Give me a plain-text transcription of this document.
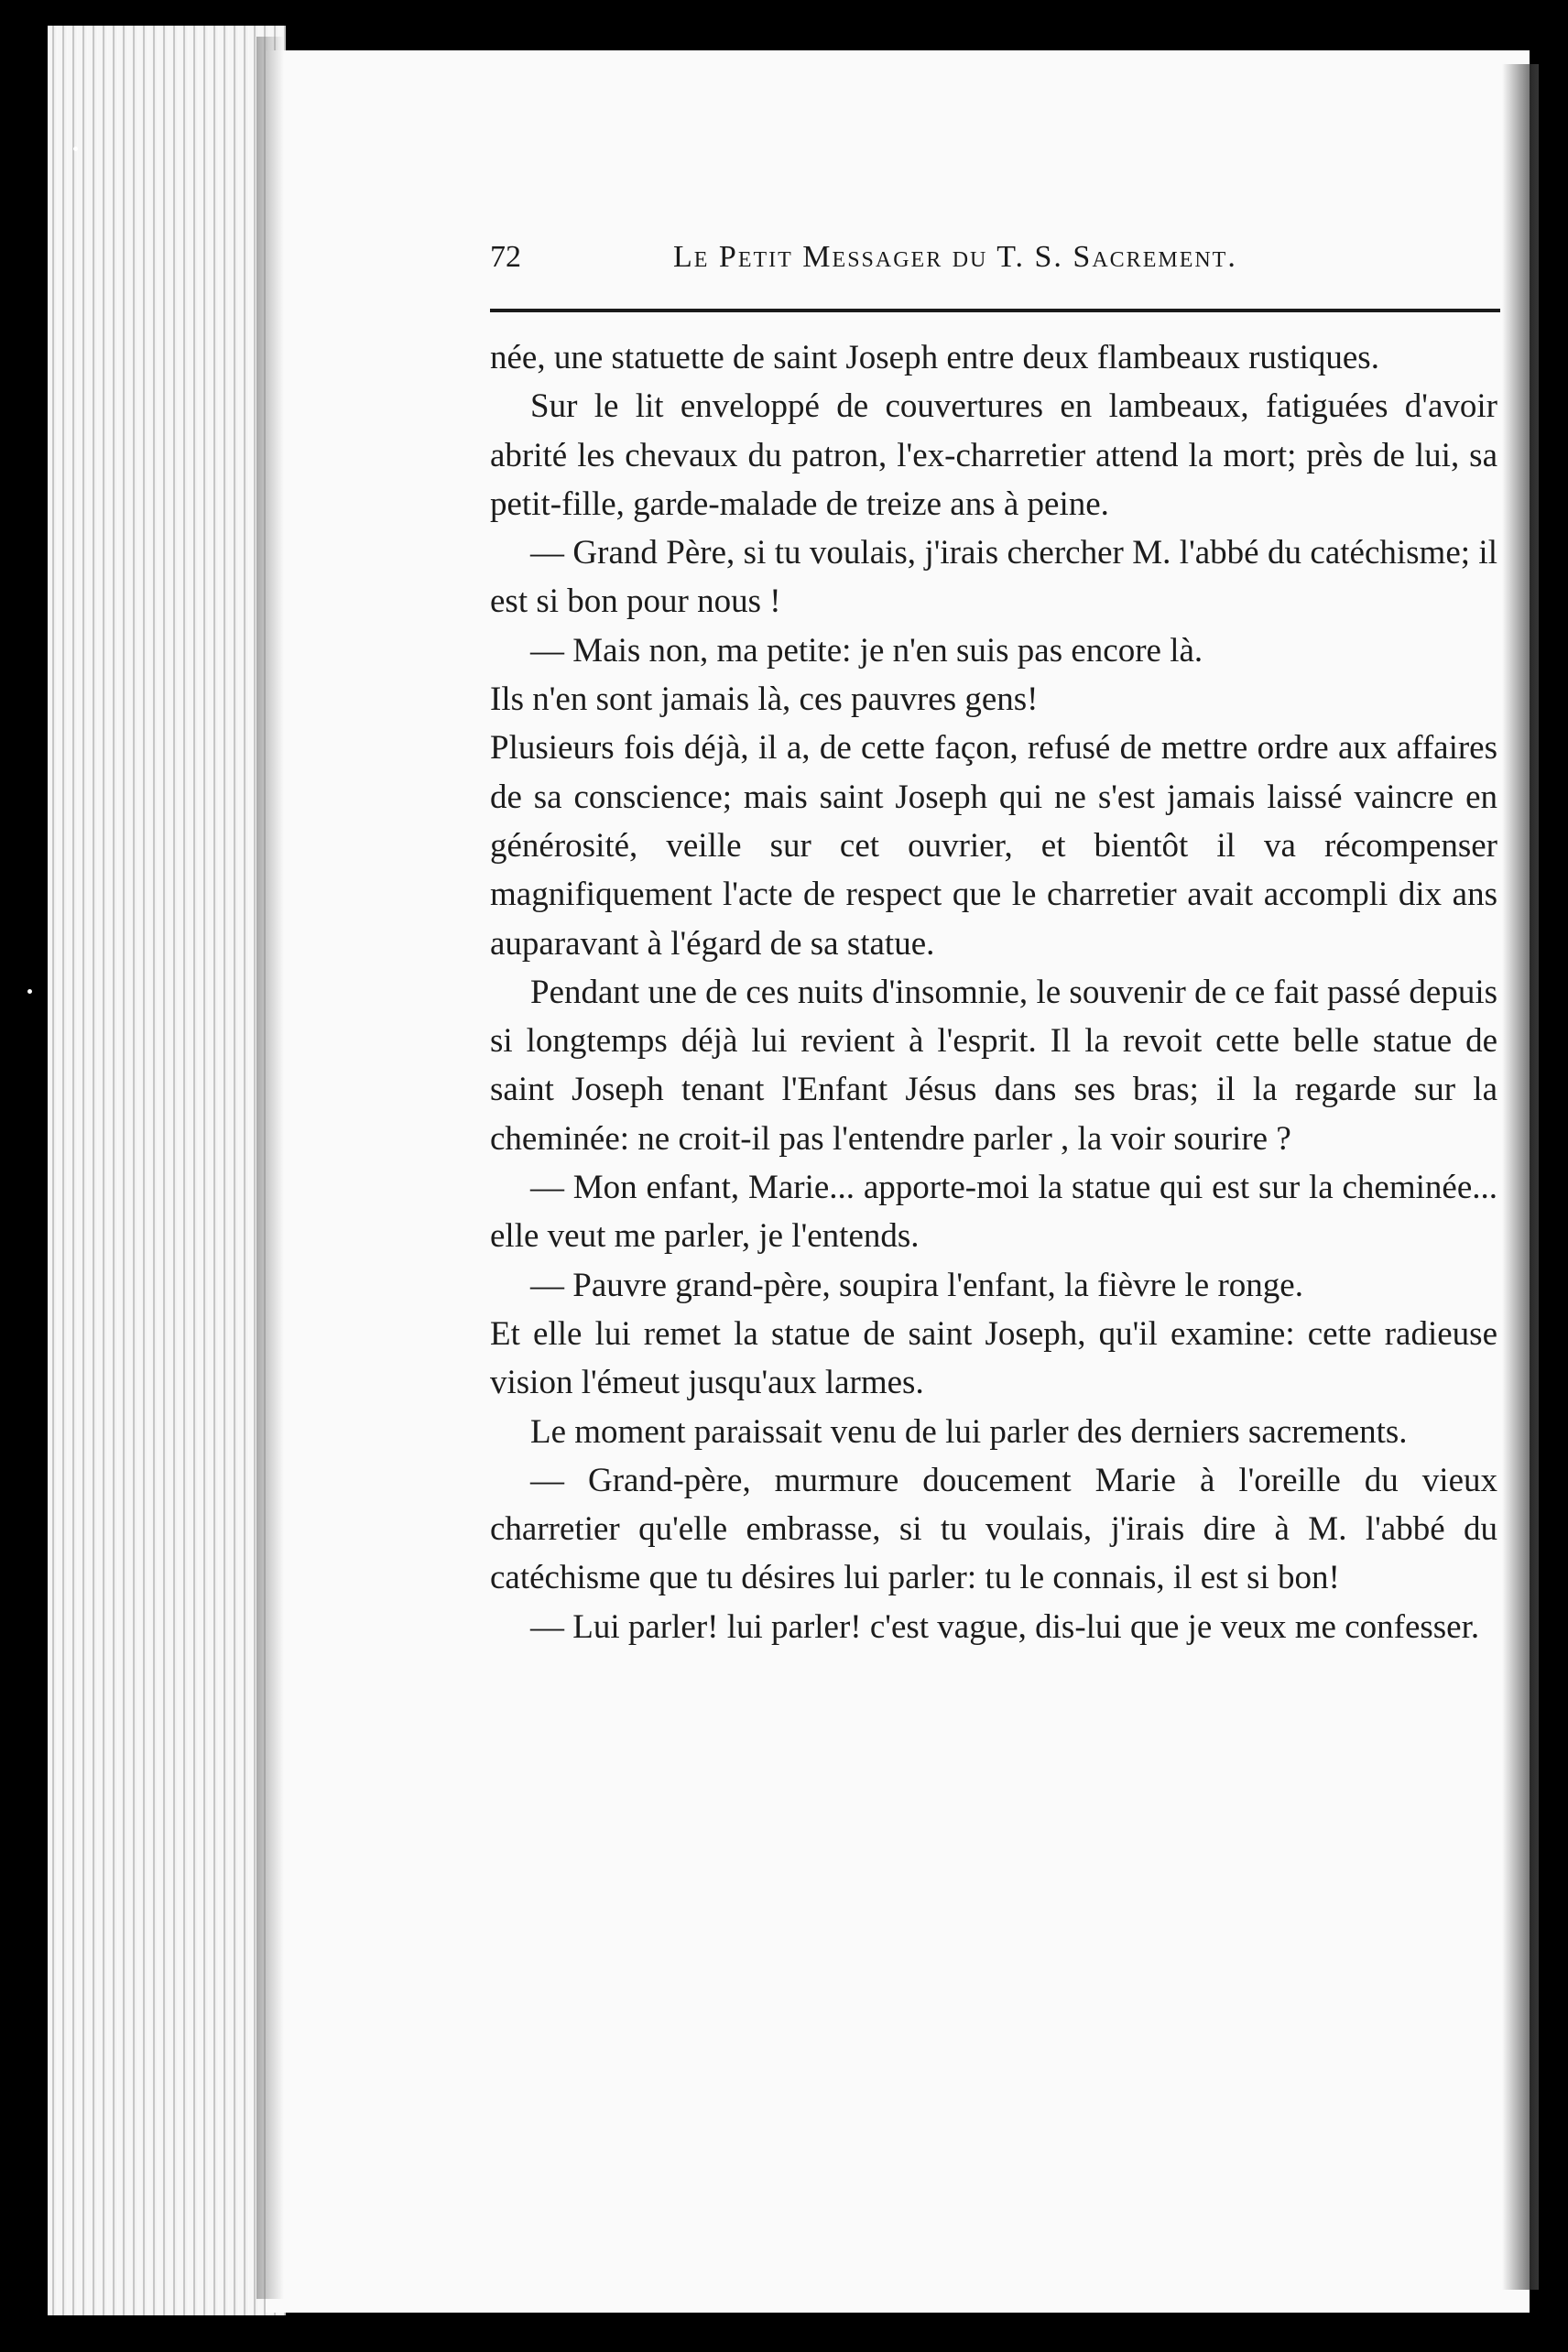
72	Le Petit Messager du T. S. Sacrement.

née, une statuette de saint Joseph entre deux flambeaux rustiques.

Sur le lit enveloppé de couvertures en lambeaux, fatiguées d'avoir abrité les chevaux du patron, l'ex-charretier attend la mort; près de lui, sa petit-fille, garde-malade de treize ans à peine.

— Grand Père, si tu voulais, j'irais chercher M. l'abbé du catéchisme; il est si bon pour nous !

— Mais non, ma petite: je n'en suis pas encore là.

Ils n'en sont jamais là, ces pauvres gens!

Plusieurs fois déjà, il a, de cette façon, refusé de mettre ordre aux affaires de sa conscience; mais saint Joseph qui ne s'est jamais laissé vaincre en générosité, veille sur cet ouvrier, et bientôt il va récompenser magnifiquement l'acte de respect que le charretier avait accompli dix ans auparavant à l'égard de sa statue.

Pendant une de ces nuits d'insomnie, le souvenir de ce fait passé depuis si longtemps déjà lui revient à l'esprit. Il la revoit cette belle statue de saint Joseph tenant l'Enfant Jésus dans ses bras; il la regarde sur la cheminée: ne croit-il pas l'entendre parler , la voir sourire ?

— Mon enfant, Marie... apporte-moi la statue qui est sur la cheminée... elle veut me parler, je l'entends.

— Pauvre grand-père, soupira l'enfant, la fièvre le ronge.

Et elle lui remet la statue de saint Joseph, qu'il examine: cette radieuse vision l'émeut jusqu'aux larmes.

Le moment paraissait venu de lui parler des derniers sacrements.

— Grand-père, murmure doucement Marie à l'oreille du vieux charretier qu'elle embrasse, si tu voulais, j'irais dire à M. l'abbé du catéchisme que tu désires lui parler: tu le connais, il est si bon!

— Lui parler! lui parler! c'est vague, dis-lui que je veux me confesser.
